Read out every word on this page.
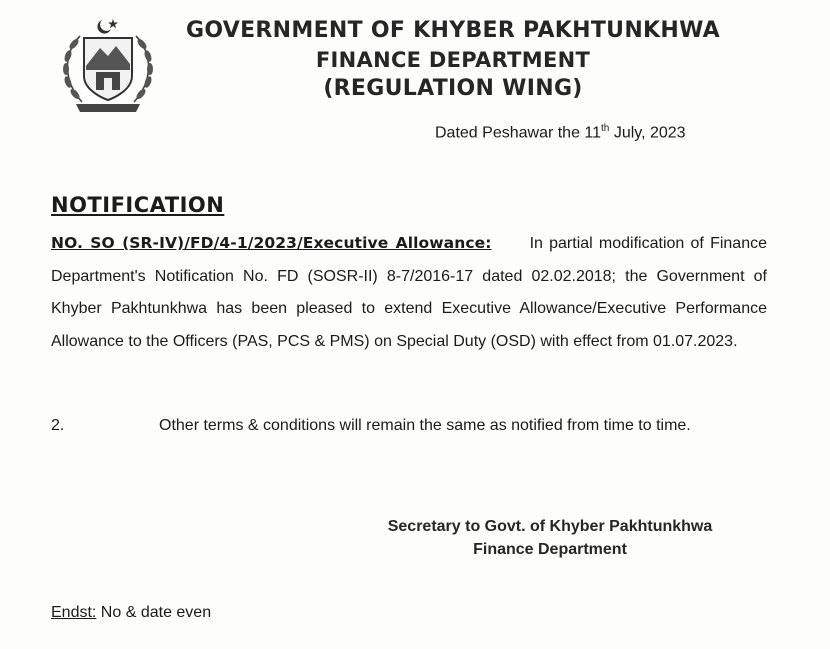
GOVERNMENT OF KHYBER PAKHTUNKHWA
FINANCE DEPARTMENT
(REGULATION WING)
Dated Peshawar the 11th July, 2023
NOTIFICATION
NO. SO (SR-IV)/FD/4-1/2023/Executive Allowance: In partial modification of Finance Department's Notification No. FD (SOSR-II) 8-7/2016-17 dated 02.02.2018; the Government of Khyber Pakhtunkhwa has been pleased to extend Executive Allowance/Executive Performance Allowance to the Officers (PAS, PCS & PMS) on Special Duty (OSD) with effect from 01.07.2023.
2.	Other terms & conditions will remain the same as notified from time to time.
Secretary to Govt. of Khyber Pakhtunkhwa
Finance Department
Endst: No & date even
